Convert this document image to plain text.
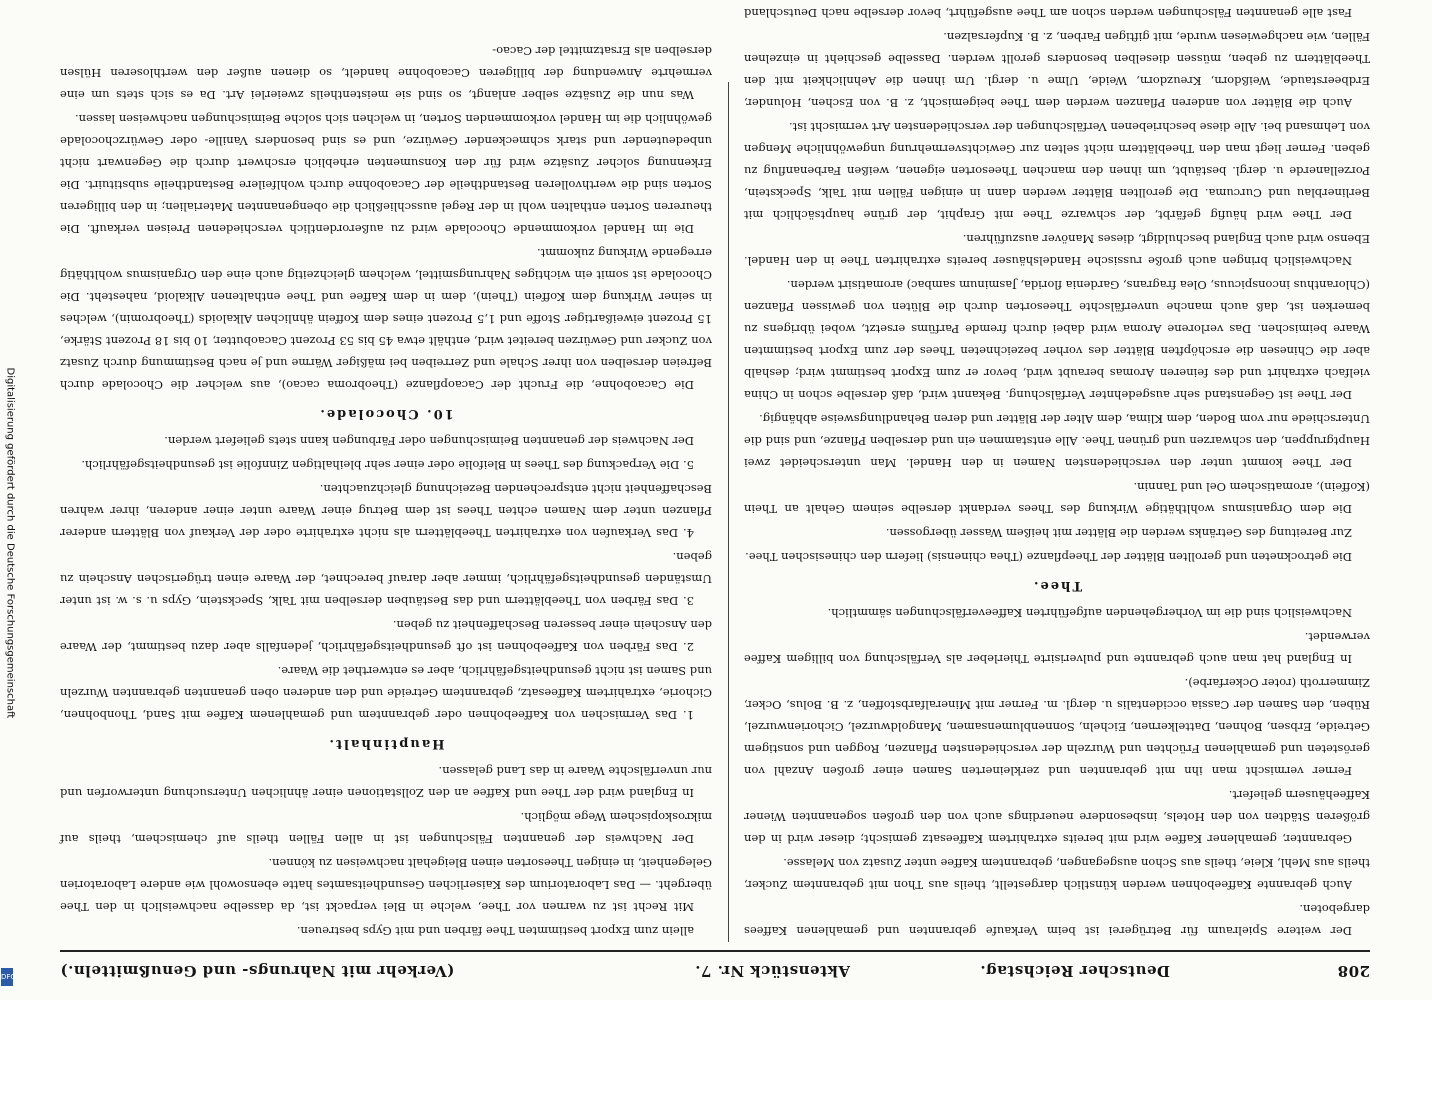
208
Deutscher Reichstag.
Aktenstück Nr. 7.
(Verkehr mit Nahrungs- und Genußmitteln.)

Der weitere Spielraum für Betrügerei ist beim Verkaufe gebrannten und gemahlenen Kaffees dargeboten.

Auch gebrannte Kaffeebohnen werden künstlich dargestellt, theils aus Thon mit gebranntem Zucker, theils aus Mehl, Kleie, theils aus Schon ausgegangen, gebranntem Kaffee unter Zusatz von Melasse.

Gebrannter, gemahlener Kaffee wird mit bereits extrahirtem Kaffeesatz gemischt; dieser wird in den größeren Städten von den Hotels, insbesondere neuerdings auch von den großen sogenannten Wiener Kaffeehäusern geliefert.

Ferner vermischt man ihn mit gebrannten und zerkleinerten Samen einer großen Anzahl von gerösteten und gemahlenen Früchten und Wurzeln der verschiedensten Pflanzen, Roggen und sonstigem Getreide, Erbsen, Bohnen, Dattelkernen, Eicheln, Sonnenblumensamen, Mangoldwurzel, Cichorienwurzel, Rüben, den Samen der Cassia occidentalis u. dergl. m. Ferner mit Mineralfarbstoffen, z. B. Bolus, Ocker, Zimmerroth (roter Ockerfarbe).

In England hat man auch gebrannte und pulverisirte Thierleber als Verfälschung von billigem Kaffee verwendet.

Nachweislich sind die im Vorhergehenden aufgeführten Kaffeeverfälschungen sämmtlich.

Thee.

Die getrockneten und gerollten Blätter der Theepflanze (Thea chinensis) liefern den chinesischen Thee.

Zur Bereitung des Getränks werden die Blätter mit heißem Wasser übergossen.

Die dem Organismus wohlthätige Wirkung des Thees verdankt derselbe seinem Gehalt an Thein (Koffein), aromatischem Oel und Tannin.

Der Thee kommt unter den verschiedensten Namen in den Handel. Man unterscheidet zwei Hauptgruppen, den schwarzen und grünen Thee. Alle entstammen ein und derselben Pflanze, und sind die Unterschiede nur vom Boden, dem Klima, dem Alter der Blätter und deren Behandlungsweise abhängig.

Der Thee ist Gegenstand sehr ausgedehnter Verfälschung. Bekannt wird, daß derselbe schon in China vielfach extrahirt und des feineren Aromas beraubt wird, bevor er zum Export bestimmt wird; deshalb aber die Chinesen die erschöpften Blätter des vorher bezeichneten Thees der zum Export bestimmten Waare beimischen. Das verlorene Aroma wird dabei durch fremde Parfüms ersetzt, wobei übrigens zu bemerken ist, daß auch manche unverfälschte Theesorten durch die Blüten von gewissen Pflanzen (Chloranthus inconspicuus, Olea fragrans, Gardenia florida, Jasminum sambac) aromatisirt werden.

Nachweislich bringen auch große russische Handelshäuser bereits extrahirten Thee in den Handel. Ebenso wird auch England beschuldigt, dieses Manöver auszuführen.

Der Thee wird häufig gefärbt, der schwarze Thee mit Graphit, der grüne hauptsächlich mit Berlinerblau und Curcuma. Die gerollten Blätter werden dann in einigen Fällen mit Talk, Speckstein, Porzellanerde u. dergl. bestäubt, um ihnen den manchen Theesorten eigenen, weißen Farbenanflug zu geben. Ferner liegt man den Theeblättern nicht selten zur Gewichtsvermehrung ungewöhnliche Mengen von Lehmsand bei. Alle diese beschriebenen Verfälschungen der verschiedensten Art vermischt ist.

Auch die Blätter von anderen Pflanzen werden dem Thee beigemischt, z. B. von Eschen, Holunder, Erdbeerstaude, Weißdorn, Kreuzdorn, Weide, Ulme u. dergl. Um ihnen die Aehnlichkeit mit den Theeblättern zu geben, müssen dieselben besonders gerollt werden. Dasselbe geschieht in einzelnen Fällen, wie nachgewiesen wurde, mit giftigen Farben, z. B. Kupfersalzen.

Fast alle genannten Fälschungen werden schon am Thee ausgeführt, bevor derselbe nach Deutschland

allein zum Export bestimmten Thee färben und mit Gyps bestreuen.

Mit Recht ist zu warnen vor Thee, welche in Blei verpackt ist, da dasselbe nachweislich in den Thee übergeht. — Das Laboratorium des Kaiserlichen Gesundheitsamtes hatte ebensowohl wie andere Laboratorien Gelegenheit, in einigen Theesorten einen Bleigehalt nachweisen zu können.

Der Nachweis der genannten Fälschungen ist in allen Fällen theils auf chemischem, theils auf mikroskopischem Wege möglich.

In England wird der Thee und Kaffee an den Zollstationen einer ähnlichen Untersuchung unterworfen und nur unverfälschte Waare in das Land gelassen.

Hauptinhalt.

1. Das Vermischen von Kaffeebohnen oder gebranntem und gemahlenem Kaffee mit Sand, Thonbohnen, Cichorie, extrahirtem Kaffeesatz, gebranntem Getreide und den anderen oben genannten gebrannten Wurzeln und Samen ist nicht gesundheitsgefährlich, aber es entwerthet die Waare.

2. Das Färben von Kaffeebohnen ist oft gesundheitsgefährlich, jedenfalls aber dazu bestimmt, der Waare den Anschein einer besseren Beschaffenheit zu geben.

3. Das Färben von Theeblättern und das Bestäuben derselben mit Talk, Speckstein, Gyps u. s. w. ist unter Umständen gesundheitsgefährlich, immer aber darauf berechnet, der Waare einen trügerischen Anschein zu geben.

4. Das Verkaufen von extrahirten Theeblättern als nicht extrahirte oder der Verkauf von Blättern anderer Pflanzen unter dem Namen echten Thees ist dem Betrug einer Waare unter einer anderen, ihrer wahren Beschaffenheit nicht entsprechenden Bezeichnung gleichzuachten.

5. Die Verpackung des Thees in Bleifolie oder einer sehr bleihaltigen Zinnfolie ist gesundheitsgefährlich.

Der Nachweis der genannten Beimischungen oder Färbungen kann stets geliefert werden.

10. Chocolade.

Die Cacaobohne, die Frucht der Cacaopflanze (Theobroma cacao), aus welcher die Chocolade durch Befreien derselben von ihrer Schale und Zerreiben bei mäßiger Wärme und je nach Bestimmung durch Zusatz von Zucker und Gewürzen bereitet wird, enthält etwa 45 bis 53 Prozent Cacaobutter, 10 bis 18 Prozent Stärke, 15 Prozent eiweißartiger Stoffe und 1,5 Prozent eines dem Koffein ähnlichen Alkaloids (Theobromin), welches in seiner Wirkung dem Koffein (Thein), dem in dem Kaffee und Thee enthaltenen Alkaloid, nahesteht. Die Chocolade ist somit ein wichtiges Nahrungsmittel, welchem gleichzeitig auch eine den Organismus wohlthätig erregende Wirkung zukommt.

Die im Handel vorkommende Chocolade wird zu außerordentlich verschiedenen Preisen verkauft. Die theureren Sorten enthalten wohl in der Regel ausschließlich die obengenannten Materialien; in den billigeren Sorten sind die werthvolleren Bestandtheile der Cacaobohne durch wohlfeilere Bestandtheile substituirt. Die Erkennung solcher Zusätze wird für den Konsumenten erheblich erschwert durch die Gegenwart nicht unbedeutender und stark schmeckender Gewürze, und es sind besonders Vanille- oder Gewürzchocolade gewöhnlich die im Handel vorkommenden Sorten, in welchen sich solche Beimischungen nachweisen lassen.

Was nun die Zusätze selber anlangt, so sind sie meistentheils zweierlei Art. Da es sich stets um eine vermehrte Anwendung der billigeren Cacaobohne handelt, so dienen außer den werthloseren Hülsen derselben als Ersatzmittel der Cacao-

Digitalisierung gefördert durch die Deutsche Forschungsgemeinschaft
DFG
